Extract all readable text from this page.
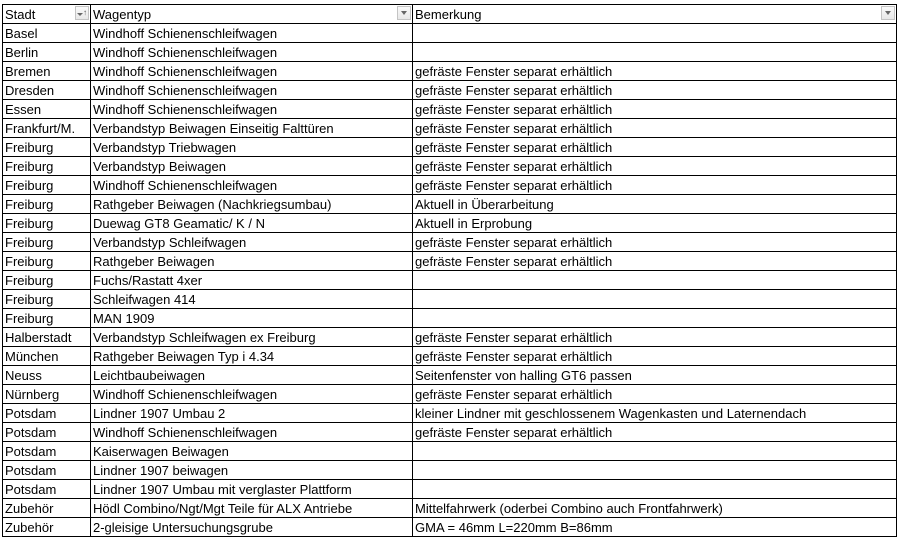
Stadt ↑	Wagentyp	Bemerkung

Basel	Windhoff Schienenschleifwagen	
Berlin	Windhoff Schienenschleifwagen	
Bremen	Windhoff Schienenschleifwagen	gefräste Fenster separat erhältlich
Dresden	Windhoff Schienenschleifwagen	gefräste Fenster separat erhältlich
Essen	Windhoff Schienenschleifwagen	gefräste Fenster separat erhältlich
Frankfurt/M.	Verbandstyp Beiwagen Einseitig Falttüren	gefräste Fenster separat erhältlich
Freiburg	Verbandstyp Triebwagen	gefräste Fenster separat erhältlich
Freiburg	Verbandstyp Beiwagen	gefräste Fenster separat erhältlich
Freiburg	Windhoff Schienenschleifwagen	gefräste Fenster separat erhältlich
Freiburg	Rathgeber Beiwagen (Nachkriegsumbau)	Aktuell in Überarbeitung
Freiburg	Duewag GT8 Geamatic/ K / N	Aktuell in Erprobung
Freiburg	Verbandstyp Schleifwagen	gefräste Fenster separat erhältlich
Freiburg	Rathgeber Beiwagen	gefräste Fenster separat erhältlich
Freiburg	Fuchs/Rastatt 4xer	
Freiburg	Schleifwagen 414	
Freiburg	MAN 1909	
Halberstadt	Verbandstyp Schleifwagen ex Freiburg	gefräste Fenster separat erhältlich
München	Rathgeber Beiwagen Typ i 4.34	gefräste Fenster separat erhältlich
Neuss	Leichtbaubeiwagen	Seitenfenster von halling GT6 passen
Nürnberg	Windhoff Schienenschleifwagen	gefräste Fenster separat erhältlich
Potsdam	Lindner 1907 Umbau 2	kleiner Lindner mit geschlossenem Wagenkasten und Laternendach
Potsdam	Windhoff Schienenschleifwagen	gefräste Fenster separat erhältlich
Potsdam	Kaiserwagen Beiwagen	
Potsdam	Lindner 1907 beiwagen	
Potsdam	Lindner 1907 Umbau mit verglaster Plattform	
Zubehör	Hödl Combino/Ngt/Mgt Teile für ALX Antriebe	Mittelfahrwerk (oderbei Combino auch Frontfahrwerk)
Zubehör	2-gleisige Untersuchungsgrube	GMA = 46mm L=220mm B=86mm
